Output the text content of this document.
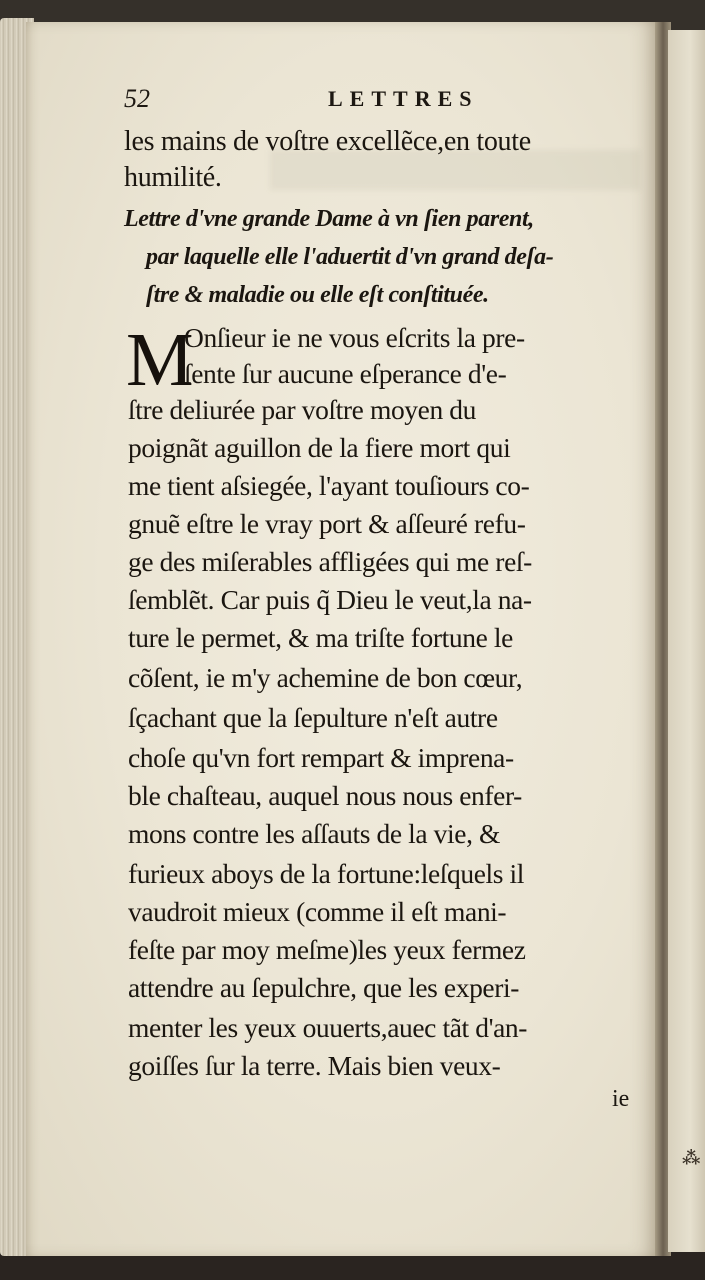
52	LETTRES
les mains de voſtre excellẽce,en toute
humilité.
Lettre d'vne grande Dame à vn ſien parent,
par laquelle elle l'aduertit d'vn grand deſa-
ſtre & maladie ou elle eſt conſtituée.
M
Onſieur ie ne vous eſcrits la pre-
ſente ſur aucune eſperance d'e-
ſtre deliurée par voſtre moyen du
poignãt aguillon de la fiere mort qui
me tient aſsiegée, l'ayant touſiours co-
gnuẽ eſtre le vray port & aſſeuré refu-
ge des miſerables affligées qui me reſ-
ſemblẽt. Car puis q̃ Dieu le veut,la na-
ture le permet, & ma triſte fortune le
cõſent, ie m'y achemine de bon cœur,
ſçachant que la ſepulture n'eſt autre
choſe qu'vn fort rempart & imprena-
ble chaſteau, auquel nous nous enfer-
mons contre les aſſauts de la vie, &
furieux aboys de la fortune:leſquels il
vaudroit mieux (comme il eſt mani-
feſte par moy meſme)les yeux fermez
attendre au ſepulchre, que les experi-
menter les yeux ouuerts,auec tãt d'an-
goiſſes ſur la terre. Mais bien veux-
ie
⁂
